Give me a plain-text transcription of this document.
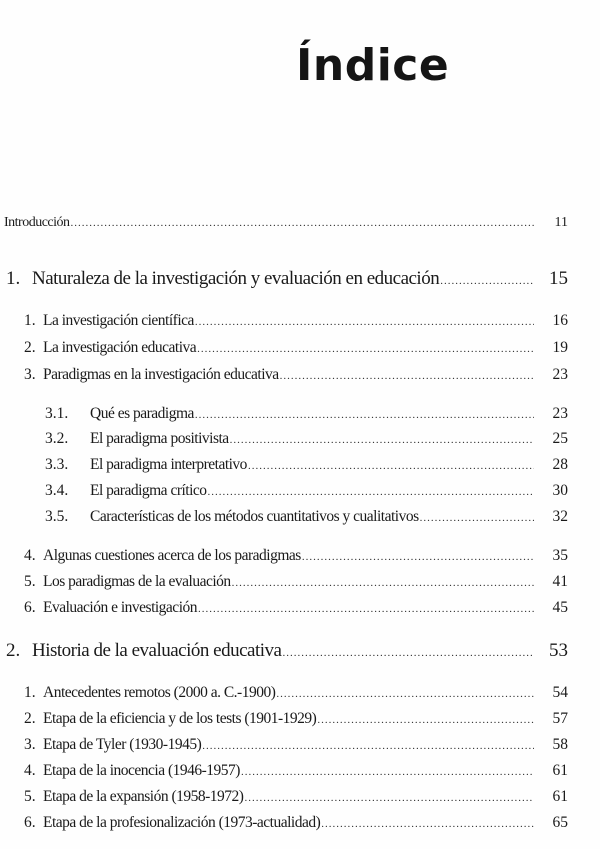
Índice
Introducción .....	11
1. Naturaleza de la investigación y evaluación en educación .....	15
1. La investigación científica .....	16
2. La investigación educativa .....	19
3. Paradigmas en la investigación educativa .....	23
3.1.	Qué es paradigma .....	23
3.2.	El paradigma positivista .....	25
3.3.	El paradigma interpretativo .....	28
3.4.	El paradigma crítico .....	30
3.5.	Características de los métodos cuantitativos y cualitativos .....	32
4. Algunas cuestiones acerca de los paradigmas .....	35
5. Los paradigmas de la evaluación .....	41
6. Evaluación e investigación .....	45
2. Historia de la evaluación educativa .....	53
1. Antecedentes remotos (2000 a. C.-1900) .....	54
2. Etapa de la eficiencia y de los tests (1901-1929) .....	57
3. Etapa de Tyler (1930-1945) .....	58
4. Etapa de la inocencia (1946-1957) .....	61
5. Etapa de la expansión (1958-1972) .....	61
6. Etapa de la profesionalización (1973-actualidad) .....	65
